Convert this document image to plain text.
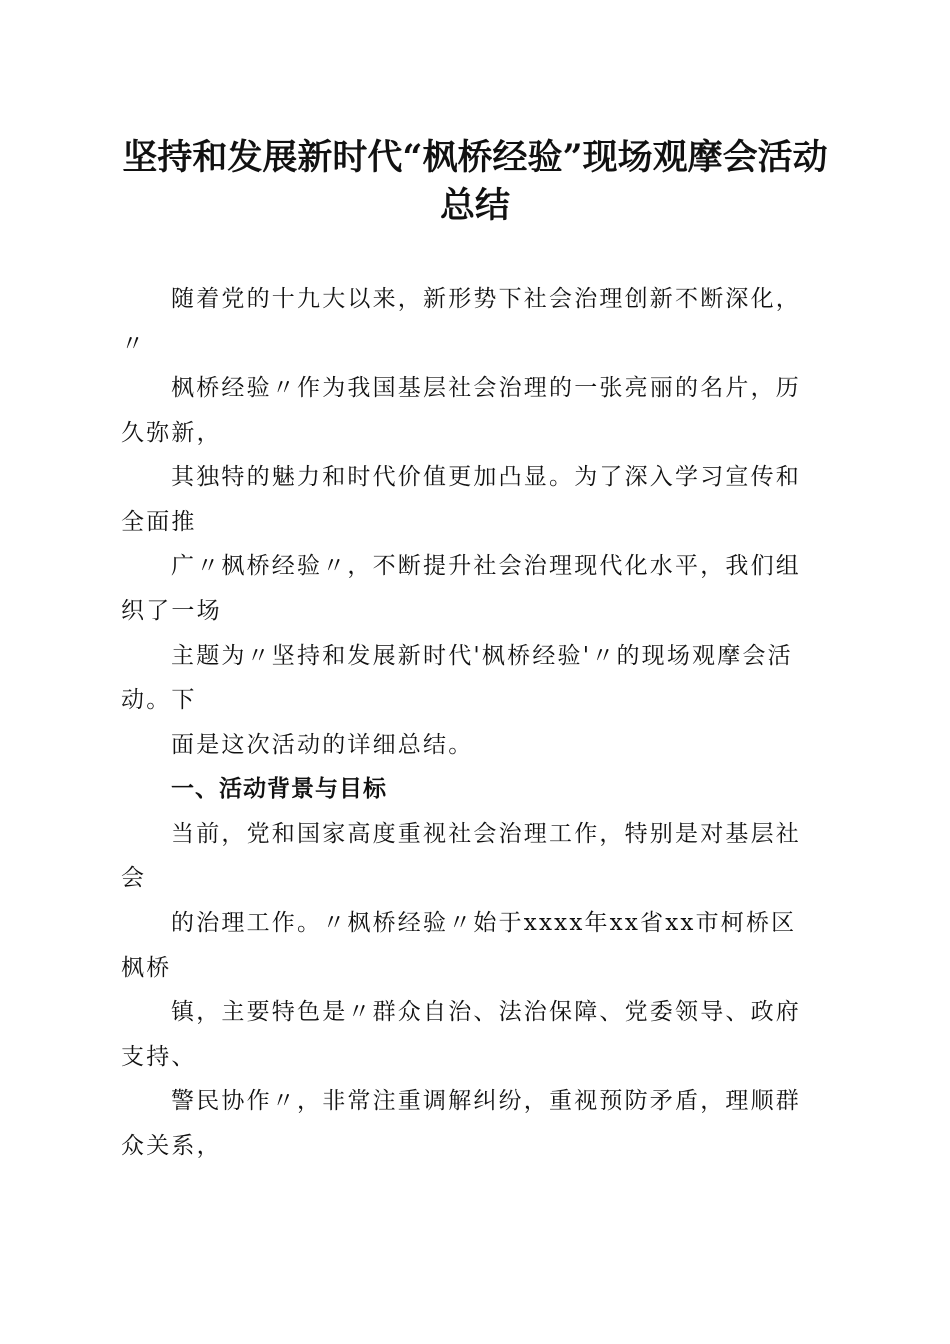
坚持和发展新时代“枫桥经验”现场观摩会活动总结

随着党的十九大以来，新形势下社会治理创新不断深化，

〃

枫桥经验〃作为我国基层社会治理的一张亮丽的名片，历

久弥新，

其独特的魅力和时代价值更加凸显。为了深入学习宣传和

全面推

广〃枫桥经验〃，不断提升社会治理现代化水平，我们组

织了一场

主题为〃坚持和发展新时代'枫桥经验'〃的现场观摩会活

动。下

面是这次活动的详细总结。

一、活动背景与目标

当前，党和国家高度重视社会治理工作，特别是对基层社

会

的治理工作。〃枫桥经验〃始于xxxx年xx省xx市柯桥区

枫桥

镇，主要特色是〃群众自治、法治保障、党委领导、政府

支持、

警民协作〃，非常注重调解纠纷，重视预防矛盾，理顺群

众关系，
